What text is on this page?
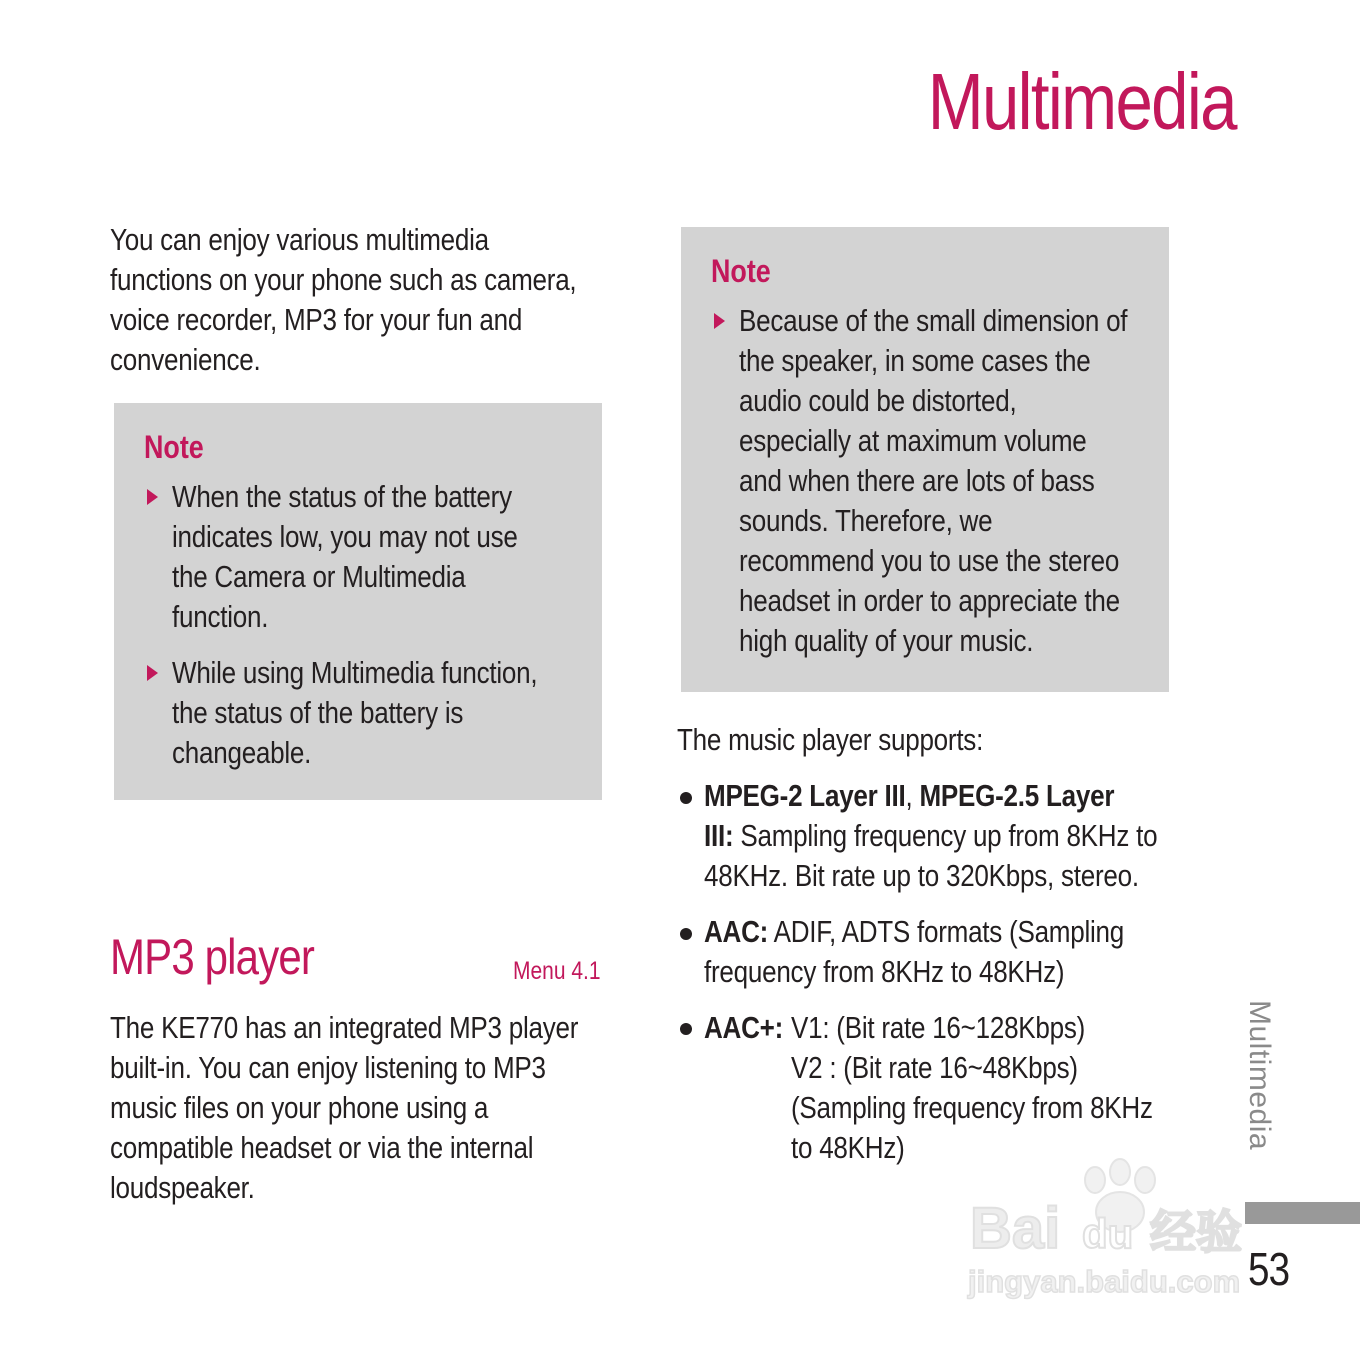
Multimedia
You can enjoy various multimedia
functions on your phone such as camera,
voice recorder, MP3 for your fun and
convenience.
Note
When the status of the battery
indicates low, you may not use
the Camera or Multimedia
function.
While using Multimedia function,
the status of the battery is
changeable.
Note
Because of the small dimension of
the speaker, in some cases the
audio could be distorted,
especially at maximum volume
and when there are lots of bass
sounds. Therefore, we
recommend you to use the stereo
headset in order to appreciate the
high quality of your music.
MP3 player	Menu 4.1
The KE770 has an integrated MP3 player
built-in. You can enjoy listening to MP3
music files on your phone using a
compatible headset or via the internal
loudspeaker.
The music player supports:
MPEG-2 Layer III, MPEG-2.5 Layer
III: Sampling frequency up from 8KHz to
48KHz. Bit rate up to 320Kbps, stereo.
AAC: ADIF, ADTS formats (Sampling
frequency from 8KHz to 48KHz)
AAC+: V1: (Bit rate 16~128Kbps)
V2 : (Bit rate 16~48Kbps)
(Sampling frequency from 8KHz
to 48KHz)	Multimedia
Bai du 经验
jingyan.baidu.com 53
